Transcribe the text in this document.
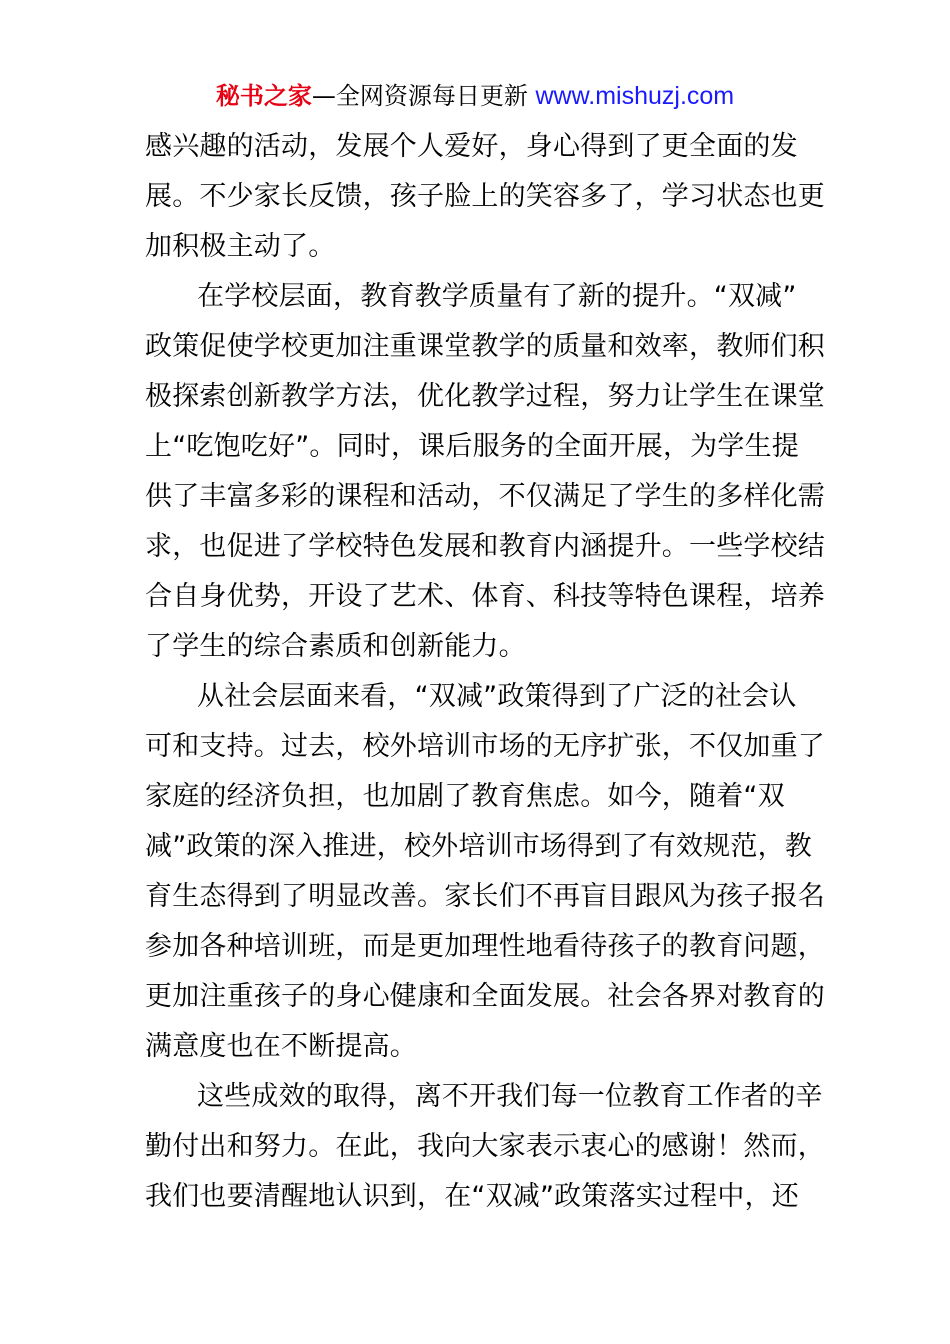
秘书之家—全网资源每日更新 www.mishuzj.com
感兴趣的活动，发展个人爱好，身心得到了更全面的发
展。不少家长反馈，孩子脸上的笑容多了，学习状态也更
加积极主动了。
在学校层面，教育教学质量有了新的提升。“双减”
政策促使学校更加注重课堂教学的质量和效率，教师们积
极探索创新教学方法，优化教学过程，努力让学生在课堂
上“吃饱吃好”。同时，课后服务的全面开展，为学生提
供了丰富多彩的课程和活动，不仅满足了学生的多样化需
求，也促进了学校特色发展和教育内涵提升。一些学校结
合自身优势，开设了艺术、体育、科技等特色课程，培养
了学生的综合素质和创新能力。
从社会层面来看，“双减”政策得到了广泛的社会认
可和支持。过去，校外培训市场的无序扩张，不仅加重了
家庭的经济负担，也加剧了教育焦虑。如今，随着“双
减”政策的深入推进，校外培训市场得到了有效规范，教
育生态得到了明显改善。家长们不再盲目跟风为孩子报名
参加各种培训班，而是更加理性地看待孩子的教育问题，
更加注重孩子的身心健康和全面发展。社会各界对教育的
满意度也在不断提高。
这些成效的取得，离不开我们每一位教育工作者的辛
勤付出和努力。在此，我向大家表示衷心的感谢！然而，
我们也要清醒地认识到，在“双减”政策落实过程中，还
